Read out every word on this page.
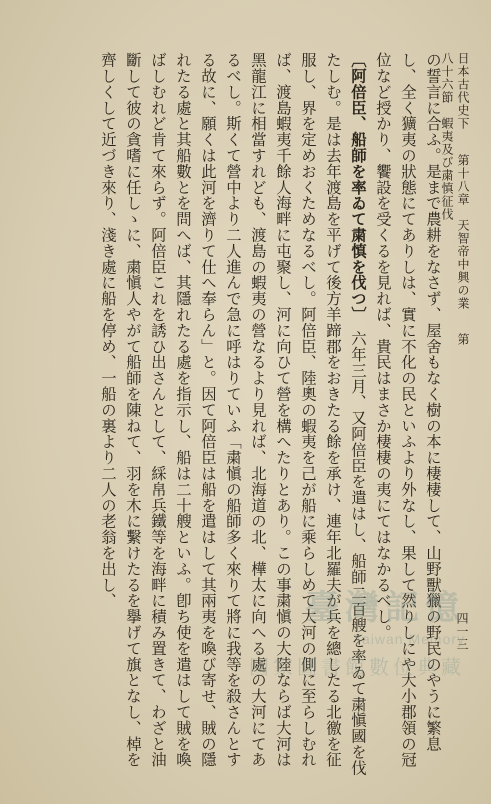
日本古代史下第十八章　天智帝中興の業　第八十六節　蝦夷及び粛慎征伐
四一三

の誓言に合ふ。是まで農耕をなさず、屋舍もなく樹の本に棲棲して、山野獸獵の野民のやうに繁息し、全く獷夷の狀態にてありしは、實に不化の民といふより外なし、果して然りしにや大小郡領の冠位など授かり、饗設を受くるを見れば、貴民はまさか棲棲の夷にてはなかるべし。

〔阿倍臣、船師を率ゐて粛慎を伐つ〕　六年三月、又阿倍臣を遣はし、船師二百艘を率ゐて粛愼國を伐たしむ。是は去年渡島を平げて後方羊蹄郡をおきたる餘を承け、連年北羅夫が兵を總したる北徼を征服し、界を定めおくためなるべし。阿倍臣、陸奧の蝦夷を己が船に乘らしめて大河の側に至らしむれば、渡島蝦夷千餘人海畔に屯聚し、河に向ひて營を構へたりとあり。この事粛愼の大陸ならば大河は黑龍江に相當すれども、渡島の蝦夷の營なるより見れば、北海道の北、樺太に向へる處の大河にてあるべし。斯くて營中より二人進んで急に呼はりていふ「粛愼の船師多く來りて將に我等を殺さんとする故に、願くは此河を濟りて仕へ奉らん」と。因て阿倍臣は船を遣はして其兩夷を喚び寄せ、賊の隱れたる處と其船數とを問へば、其隱れたる處を指示し、船は二十艘といふ。卽ち使を遣はして賊を喚ばしむれど肯て來らず。阿倍臣これを誘ひ出さんとして、綵帛兵鐵等を海畔に積み置きて、わざと油斷して彼の貪嗜に任しゝに、粛愼人やがて船師を陳ねて、羽を木に繫けたるを擧げて旗となし、棹を齊しくして近づき來り、淺き處に船を停め、一船の裏より二人の老翁を出し、	臺灣記憶
Taiwan Memory
國家圖書館數位典藏
